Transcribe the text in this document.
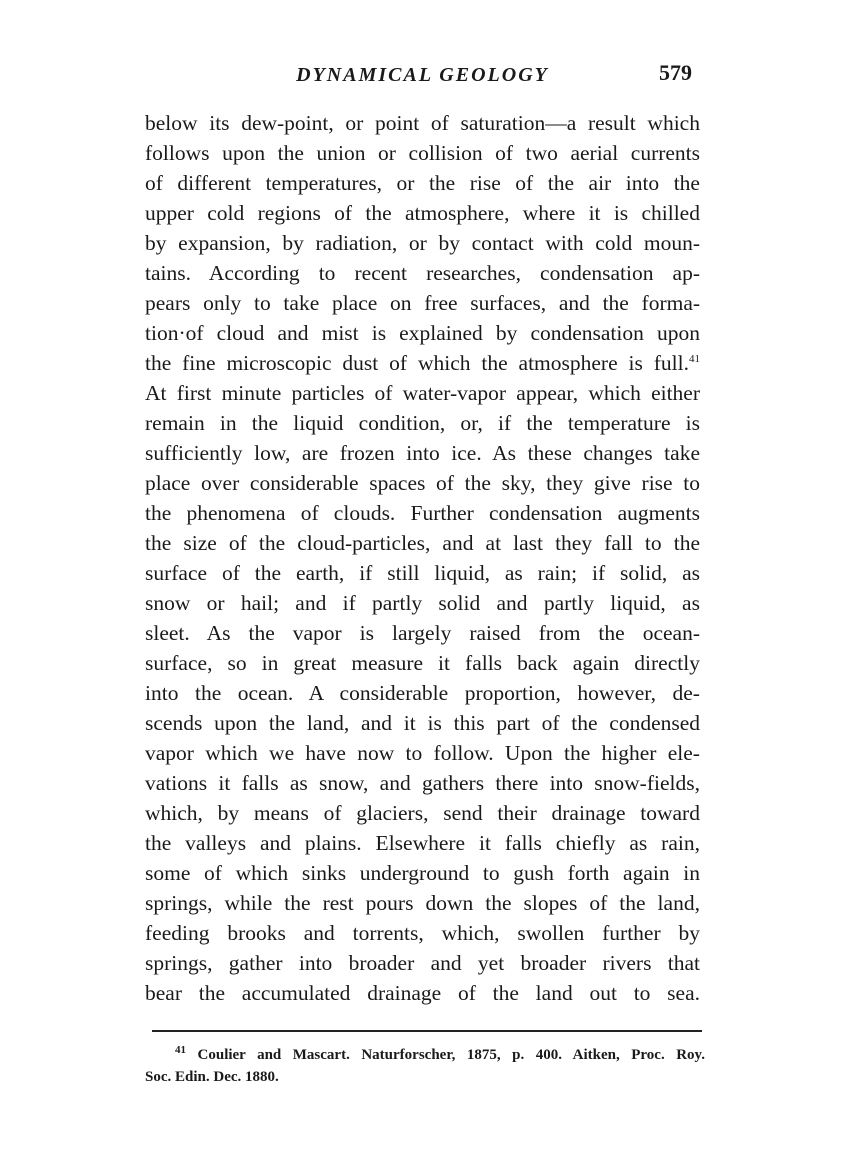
DYNAMICAL GEOLOGY	579
below its dew-point, or point of saturation—a result which
follows upon the union or collision of two aerial currents
of different temperatures, or the rise of the air into the
upper cold regions of the atmosphere, where it is chilled
by expansion, by radiation, or by contact with cold moun-
tains. According to recent researches, condensation ap-
pears only to take place on free surfaces, and the forma-
tion·of cloud and mist is explained by condensation upon
the fine microscopic dust of which the atmosphere is full.$^{41}$
At first minute particles of water-vapor appear, which either
remain in the liquid condition, or, if the temperature is
sufficiently low, are frozen into ice. As these changes take
place over considerable spaces of the sky, they give rise to
the phenomena of clouds. Further condensation augments
the size of the cloud-particles, and at last they fall to the
surface of the earth, if still liquid, as rain; if solid, as
snow or hail; and if partly solid and partly liquid, as
sleet. As the vapor is largely raised from the ocean-
surface, so in great measure it falls back again directly
into the ocean. A considerable proportion, however, de-
scends upon the land, and it is this part of the condensed
vapor which we have now to follow. Upon the higher ele-
vations it falls as snow, and gathers there into snow-fields,
which, by means of glaciers, send their drainage toward
the valleys and plains. Elsewhere it falls chiefly as rain,
some of which sinks underground to gush forth again in
springs, while the rest pours down the slopes of the land,
feeding brooks and torrents, which, swollen further by
springs, gather into broader and yet broader rivers that
bear the accumulated drainage of the land out to sea.
$^{41}$ Coulier and Mascart. Naturforscher, 1875, p. 400. Aitken, Proc. Roy.
Soc. Edin. Dec. 1880.
